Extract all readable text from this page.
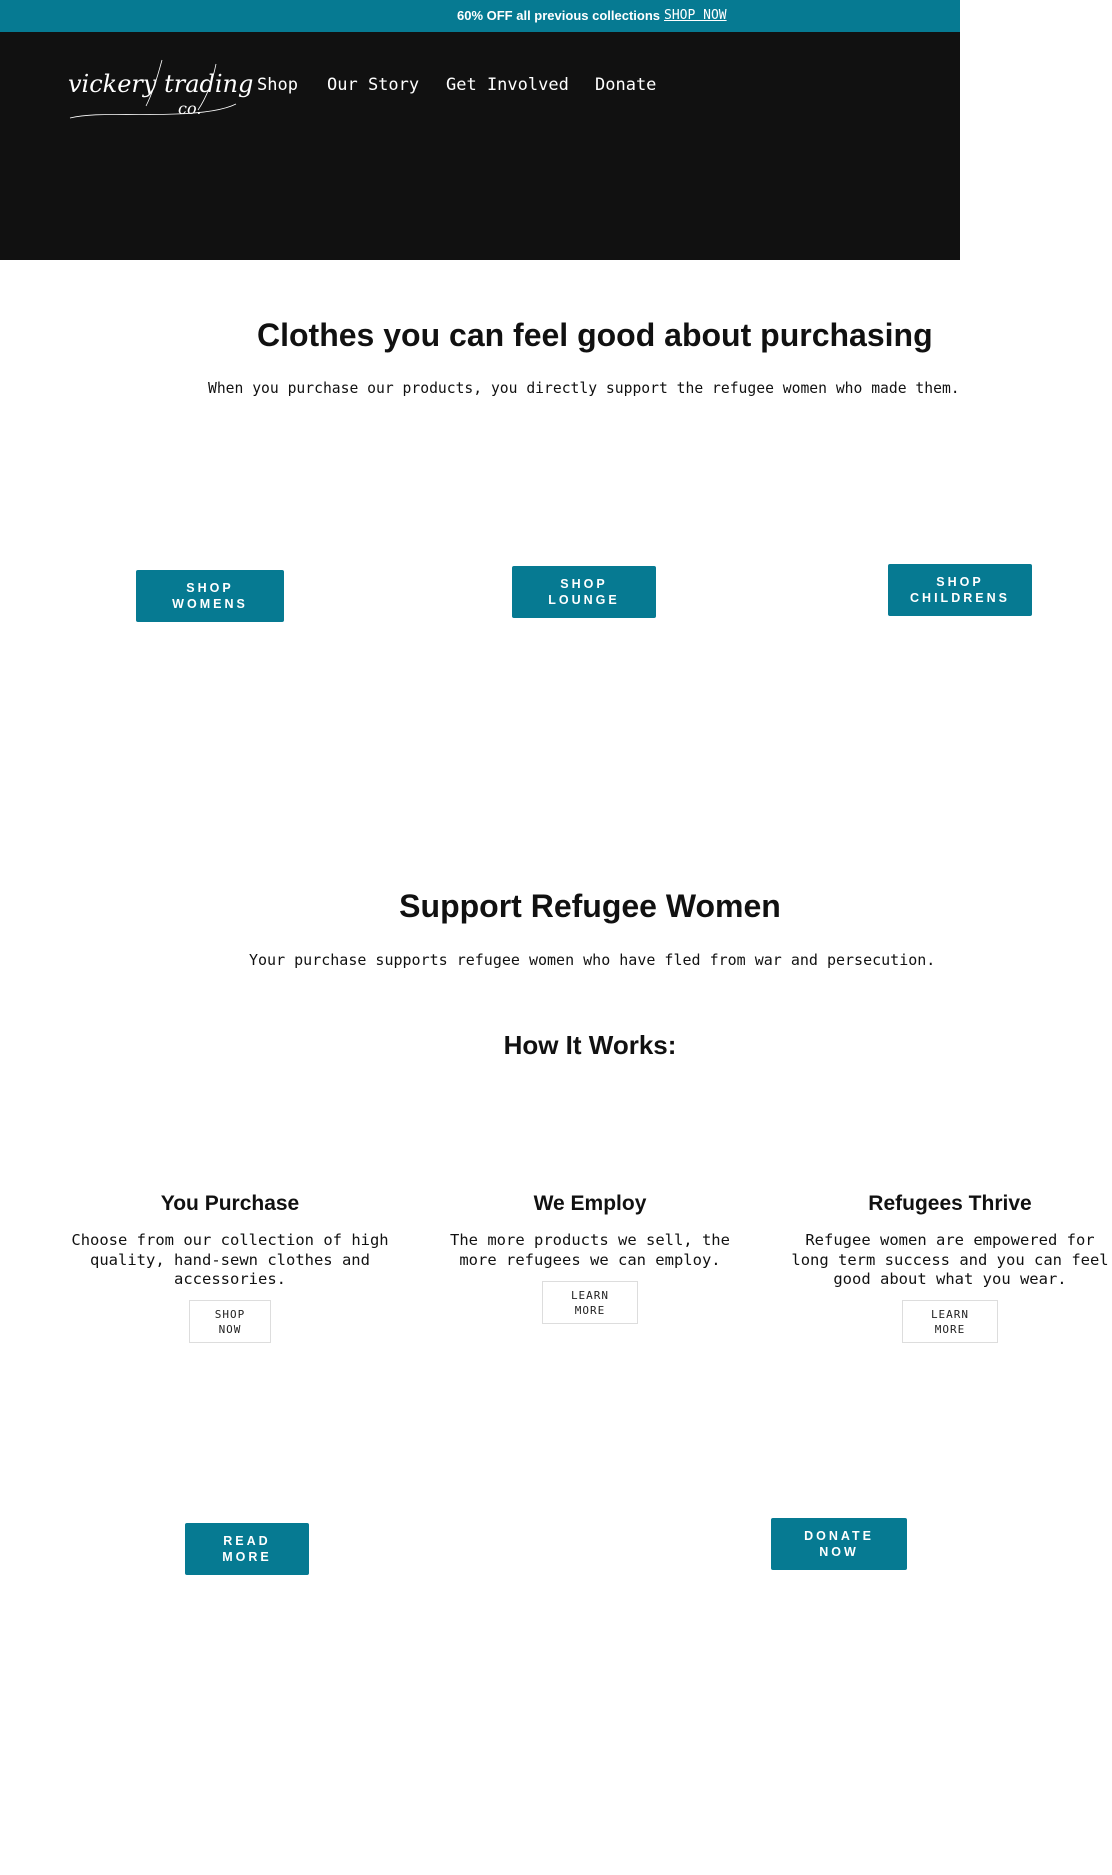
60% OFF all previous collections SHOP NOW
vickery trading
co.
Shop Our Story Get Involved Donate
Clothes you can feel good about purchasing
When you purchase our products, you directly support the refugee women who made them.
SHOP
WOMENS
SHOP
LOUNGE
SHOP
CHILDRENS
Support Refugee Women
Your purchase supports refugee women who have fled from war and persecution.
How It Works:
You Purchase
Choose from our collection of high quality, hand-sewn clothes and accessories.
SHOP
NOW
We Employ
The more products we sell, the more refugees we can employ.
LEARN
MORE
Refugees Thrive
Refugee women are empowered for long term success and you can feel good about what you wear.
LEARN
MORE
READ
MORE
DONATE
NOW
